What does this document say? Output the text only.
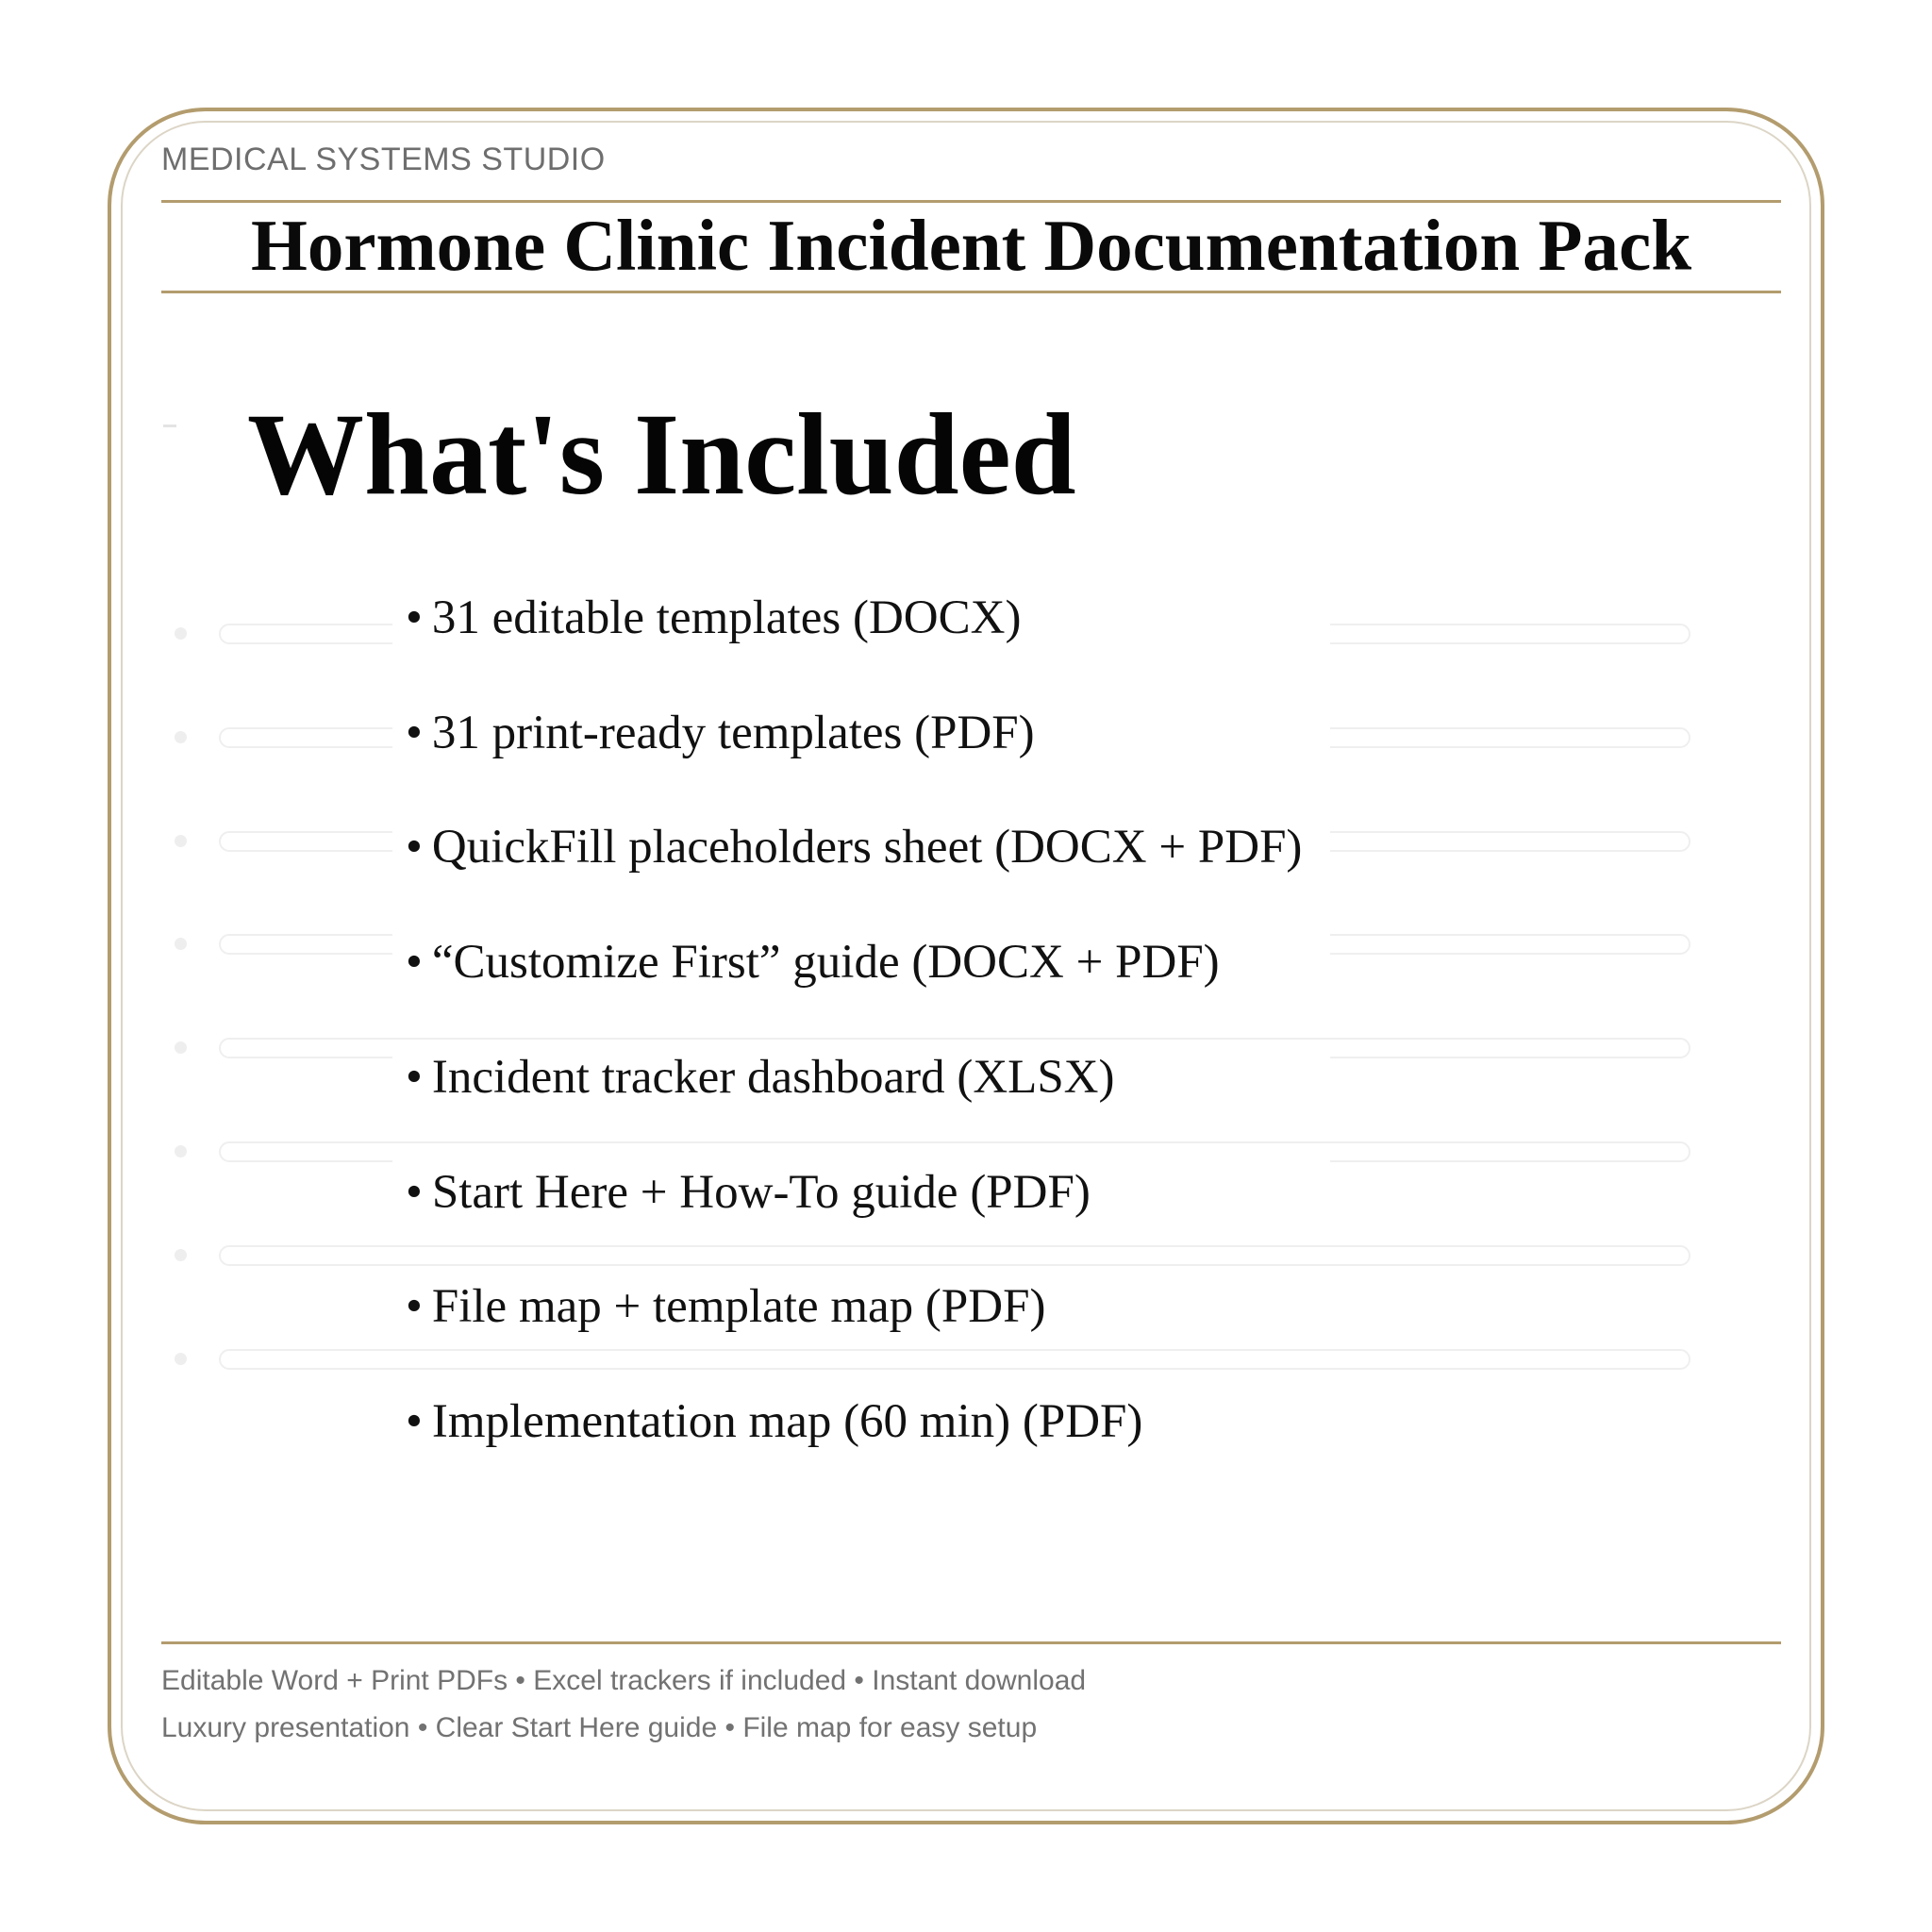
MEDICAL SYSTEMS STUDIO
Hormone Clinic Incident Documentation Pack
What's Included
• 31 editable templates (DOCX)
• 31 print-ready templates (PDF)
• QuickFill placeholders sheet (DOCX + PDF)
• “Customize First” guide (DOCX + PDF)
• Incident tracker dashboard (XLSX)
• Start Here + How-To guide (PDF)
• File map + template map (PDF)
• Implementation map (60 min) (PDF)
Editable Word + Print PDFs • Excel trackers if included • Instant download
Luxury presentation • Clear Start Here guide • File map for easy setup
